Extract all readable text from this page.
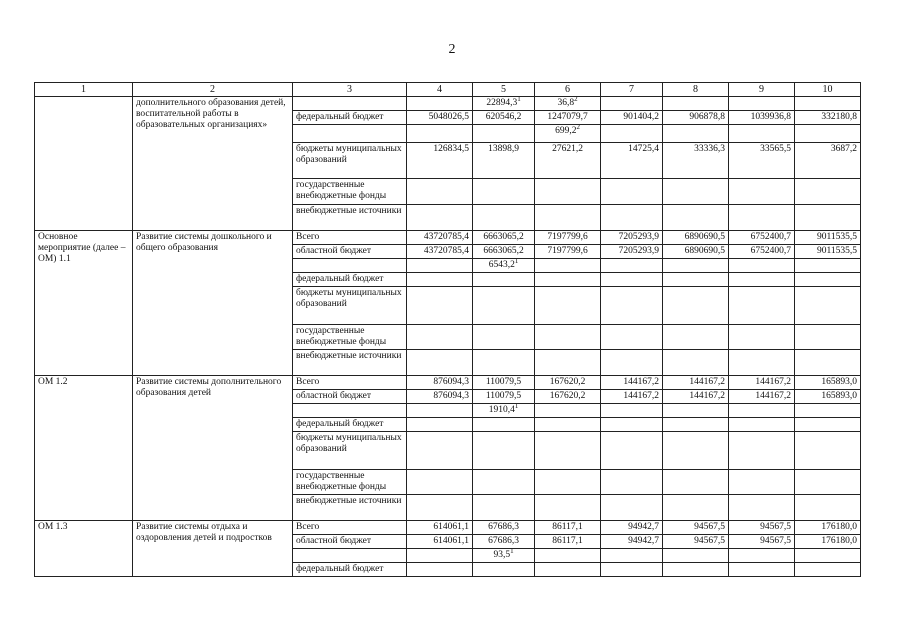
2
1	2	3	4	5	6	7	8	9	10
	дополнительного образования детей, воспитательной работы в образовательных организациях»			22894,3$^1$	36,8$^2$				
		федеральный бюджет	5048026,5	620546,2	1247079,7	901404,2	906878,8	1039936,8	332180,8
					699,2$^2$				
		бюджеты муниципальных образований	126834,5	13898,9	27621,2	14725,4	33336,3	33565,5	3687,2
		государственные внебюджетные фонды							
		внебюджетные источники							
Основное мероприятие (далее – ОМ) 1.1	Развитие системы дошкольного и общего образования	Всего	43720785,4	6663065,2	7197799,6	7205293,9	6890690,5	6752400,7	9011535,5
		областной бюджет	43720785,4	6663065,2	7197799,6	7205293,9	6890690,5	6752400,7	9011535,5
				6543,2$^1$					
		федеральный бюджет							
		бюджеты муниципальных образований							
		государственные внебюджетные фонды							
		внебюджетные источники							
ОМ 1.2	Развитие системы дополнительного образования детей	Всего	876094,3	110079,5	167620,2	144167,2	144167,2	144167,2	165893,0
		областной бюджет	876094,3	110079,5	167620,2	144167,2	144167,2	144167,2	165893,0
				1910,4$^1$					
		федеральный бюджет							
		бюджеты муниципальных образований							
		государственные внебюджетные фонды							
		внебюджетные источники							
ОМ 1.3	Развитие системы отдыха и оздоровления детей и подростков	Всего	614061,1	67686,3	86117,1	94942,7	94567,5	94567,5	176180,0
		областной бюджет	614061,1	67686,3	86117,1	94942,7	94567,5	94567,5	176180,0
				93,5$^1$					
		федеральный бюджет							
